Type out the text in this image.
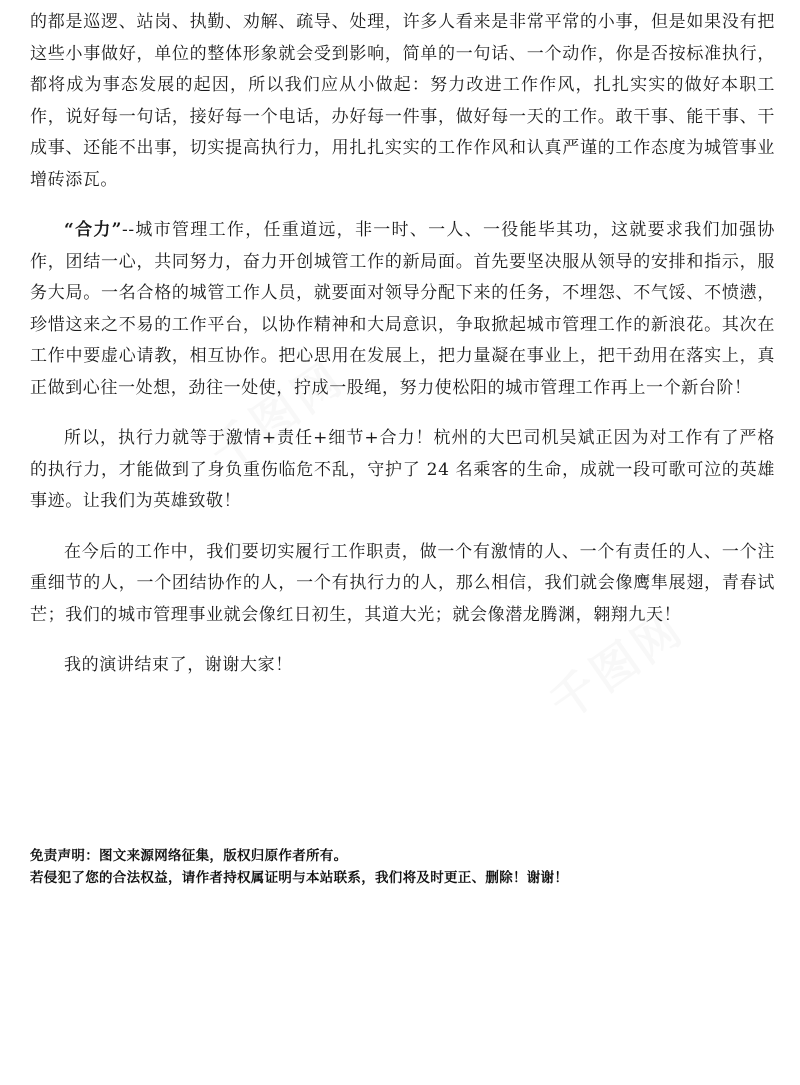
千图网
千图网

的都是巡逻、站岗、执勤、劝解、疏导、处理，许多人看来是非常平常的小事，但是如果没有把这些小事做好，单位的整体形象就会受到影响，简单的一句话、一个动作，你是否按标准执行，都将成为事态发展的起因，所以我们应从小做起：努力改进工作作风，扎扎实实的做好本职工作，说好每一句话，接好每一个电话，办好每一件事，做好每一天的工作。敢干事、能干事、干成事、还能不出事，切实提高执行力，用扎扎实实的工作作风和认真严谨的工作态度为城管事业增砖添瓦。

“合力”--城市管理工作，任重道远，非一时、一人、一役能毕其功，这就要求我们加强协作，团结一心，共同努力，奋力开创城管工作的新局面。首先要坚决服从领导的安排和指示，服务大局。一名合格的城管工作人员，就要面对领导分配下来的任务，不埋怨、不气馁、不愤懑，珍惜这来之不易的工作平台，以协作精神和大局意识，争取掀起城市管理工作的新浪花。其次在工作中要虚心请教，相互协作。把心思用在发展上，把力量凝在事业上，把干劲用在落实上，真正做到心往一处想，劲往一处使，拧成一股绳，努力使松阳的城市管理工作再上一个新台阶！

所以，执行力就等于激情+责任+细节+合力！杭州的大巴司机吴斌正因为对工作有了严格的执行力，才能做到了身负重伤临危不乱，守护了 24 名乘客的生命，成就一段可歌可泣的英雄事迹。让我们为英雄致敬！

在今后的工作中，我们要切实履行工作职责，做一个有激情的人、一个有责任的人、一个注重细节的人，一个团结协作的人，一个有执行力的人，那么相信，我们就会像鹰隼展翅，青春试芒；我们的城市管理事业就会像红日初生，其道大光；就会像潜龙腾渊，翱翔九天！

我的演讲结束了，谢谢大家！

免责声明：图文来源网络征集，版权归原作者所有。

若侵犯了您的合法权益，请作者持权属证明与本站联系，我们将及时更正、删除！谢谢！
